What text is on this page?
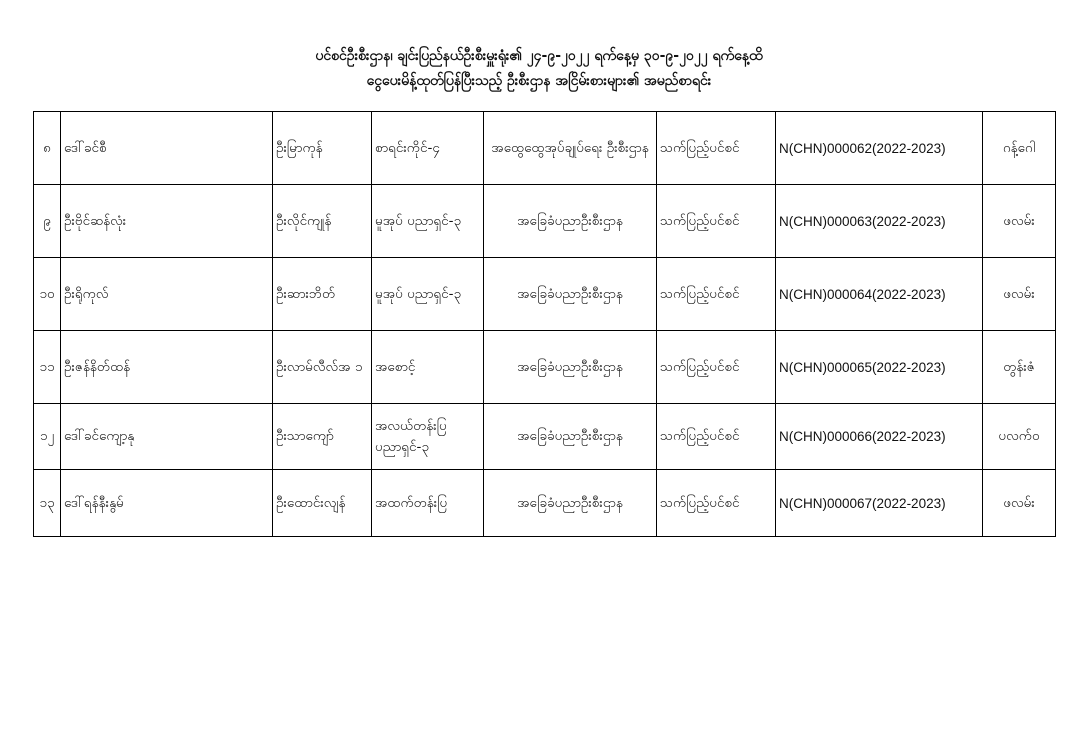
ပင်စင်ဦးစီးဌာန၊ ချင်းပြည်နယ်ဦးစီးမှူးရုံး၏ ၂၄-၉-၂၀၂၂ ရက်နေ့မှ ၃၀-၉-၂၀၂၂ ရက်နေ့ထိ
ငွေပေးမိန့်ထုတ်ပြန်ပြီးသည့် ဦးစီးဌာန အငြိမ်းစားများ၏ အမည်စာရင်း
၈	ဒေါ်ခင်စီ	ဦးမြာကုန်	စာရင်းကိုင်-၄	အထွေထွေအုပ်ချုပ်ရေး ဦးစီးဌာန	သက်ပြည့်ပင်စင်	N(CHN)000062(2022-2023)	ဂန့်ဂေါ
၉	ဦးဗိုင်ဆန်လုံး	ဦးလိုင်ကျုန်	မူအုပ် ပညာရှင်-၃	အခြေခံပညာဦးစီးဌာန	သက်ပြည့်ပင်စင်	N(CHN)000063(2022-2023)	ဖလမ်း
၁၀	ဦးရိုကုလ်	ဦးဆားဘိတ်	မူအုပ် ပညာရှင်-၃	အခြေခံပညာဦးစီးဌာန	သက်ပြည့်ပင်စင်	N(CHN)000064(2022-2023)	ဖလမ်း
၁၁	ဦးဇန်နိတ်ထန်	ဦးလာမ်လီလ်အ ၁	အစောင့်	အခြေခံပညာဦးစီးဌာန	သက်ပြည့်ပင်စင်	N(CHN)000065(2022-2023)	တွန်းဇံ
၁၂	ဒေါ်ခင်ကျော့နု	ဦးသာကျော်	အလယ်တန်းပြ ပညာရှင်-၃	အခြေခံပညာဦးစီးဌာန	သက်ပြည့်ပင်စင်	N(CHN)000066(2022-2023)	ပလက်ဝ
၁၃	ဒေါ်ရန်နီးနွမ်	ဦးထောင်းလျန်	အထက်တန်းပြ	အခြေခံပညာဦးစီးဌာန	သက်ပြည့်ပင်စင်	N(CHN)000067(2022-2023)	ဖလမ်း
